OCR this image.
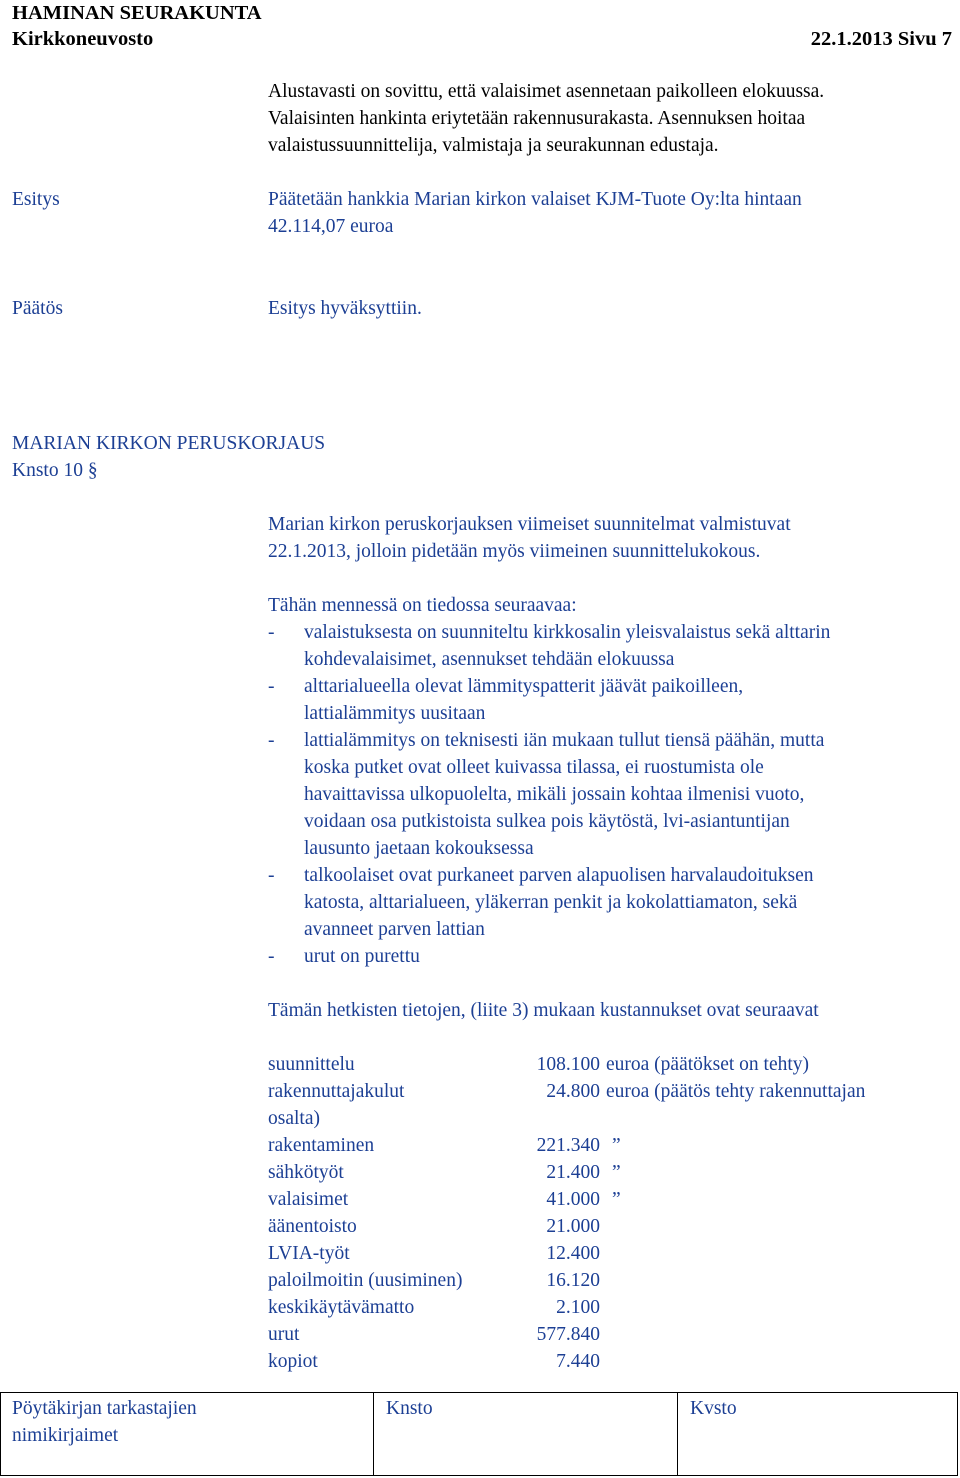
HAMINAN SEURAKUNTA
Kirkkoneuvosto	22.1.2013 Sivu 7
Alustavasti on sovittu, että valaisimet asennetaan paikolleen elokuussa.
Valaisinten hankinta eriytetään rakennusurakasta. Asennuksen hoitaa
valaistussuunnittelija, valmistaja ja seurakunnan edustaja.
Esitys	Päätetään hankkia Marian kirkon valaiset KJM-Tuote Oy:lta hintaan
42.114,07 euroa
Päätös	Esitys hyväksyttiin.
MARIAN KIRKON PERUSKORJAUS
Knsto 10 §
Marian kirkon peruskorjauksen viimeiset suunnitelmat valmistuvat
22.1.2013, jolloin pidetään myös viimeinen suunnittelukokous.
Tähän mennessä on tiedossa seuraavaa:
- valaistuksesta on suunniteltu kirkkosalin yleisvalaistus sekä alttarin
kohdevalaisimet, asennukset tehdään elokuussa
- alttarialueella olevat lämmityspatterit jäävät paikoilleen,
lattialämmitys uusitaan
- lattialämmitys on teknisesti iän mukaan tullut tiensä päähän, mutta
koska putket ovat olleet kuivassa tilassa, ei ruostumista ole
havaittavissa ulkopuolelta, mikäli jossain kohtaa ilmenisi vuoto,
voidaan osa putkistoista sulkea pois käytöstä, lvi-asiantuntijan
lausunto jaetaan kokouksessa
- talkoolaiset ovat purkaneet parven alapuolisen harvalaudoituksen
katosta, alttarialueen, yläkerran penkit ja kokolattiamaton, sekä
avanneet parven lattian
- urut on purettu
Tämän hetkisten tietojen, (liite 3) mukaan kustannukset ovat seuraavat
suunnittelu	108.100 euroa (päätökset on tehty)
rakennuttajakulut	24.800 euroa (päätös tehty rakennuttajan
osalta)
rakentaminen	221.340 ”
sähkötyöt	21.400 ”
valaisimet	41.000 ”
äänentoisto	21.000
LVIA-työt	12.400
paloilmoitin (uusiminen)	16.120
keskikäytävämatto	2.100
urut	577.840
kopiot	7.440
Pöytäkirjan tarkastajien
nimikirjaimet
Knsto	Kvsto
